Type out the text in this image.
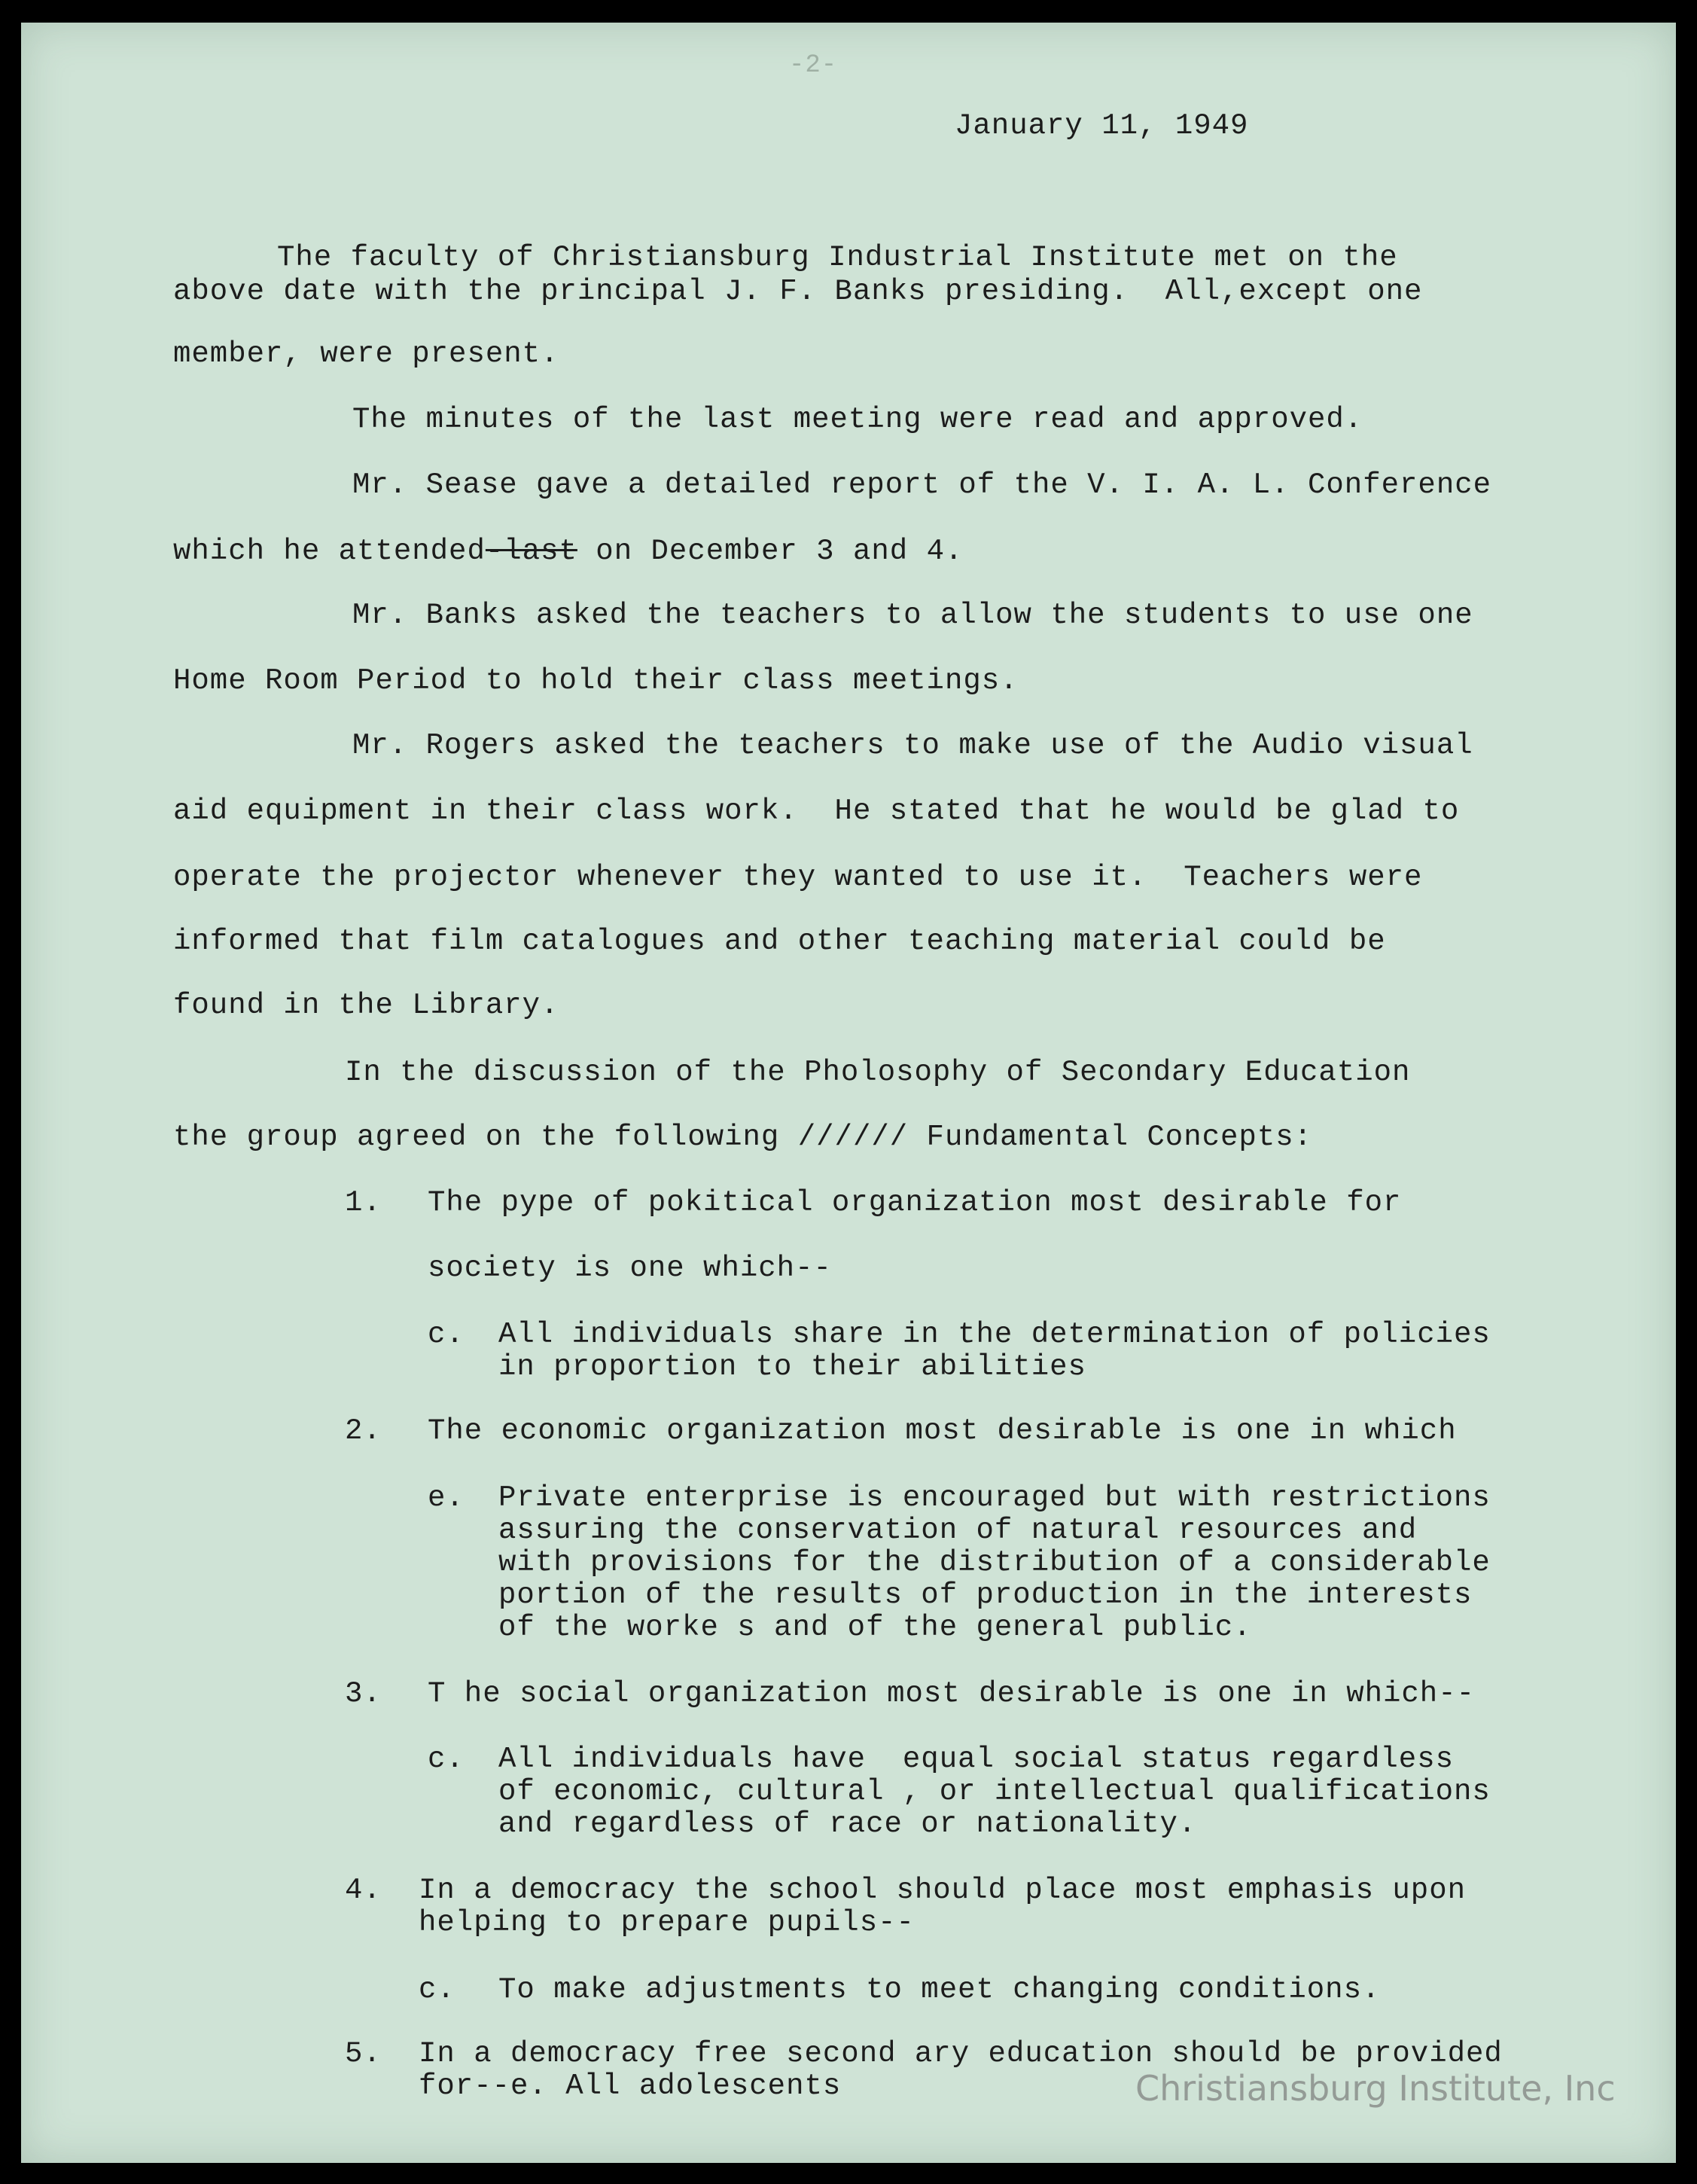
-2-
January 11, 1949
The faculty of Christiansburg Industrial Institute met on the
above date with the principal J. F. Banks presiding.  All,except one
member, were present.
The minutes of the last meeting were read and approved.
Mr. Sease gave a detailed report of the V. I. A. L. Conference
which he attended-last on December 3 and 4.
Mr. Banks asked the teachers to allow the students to use one
Home Room Period to hold their class meetings.
Mr. Rogers asked the teachers to make use of the Audio visual
aid equipment in their class work.  He stated that he would be glad to
operate the projector whenever they wanted to use it.  Teachers were
informed that film catalogues and other teaching material could be
found in the Library.
In the discussion of the Pholosophy of Secondary Education
the group agreed on the following ////// Fundamental Concepts:
1. The pype of pokitical organization most desirable for
society is one which--
c. All individuals share in the determination of policies
in proportion to their abilities
2. The economic organization most desirable is one in which
e. Private enterprise is encouraged but with restrictions
assuring the conservation of natural resources and
with provisions for the distribution of a considerable
portion of the results of production in the interests
of the worke s and of the general public.
3. T he social organization most desirable is one in which--
c. All individuals have  equal social status regardless
of economic, cultural , or intellectual qualifications
and regardless of race or nationality.
4. In a democracy the school should place most emphasis upon
helping to prepare pupils--
c. To make adjustments to meet changing conditions.
5. In a democracy free second ary education should be provided
for--e. All adolescents	Christiansburg Institute, Inc
